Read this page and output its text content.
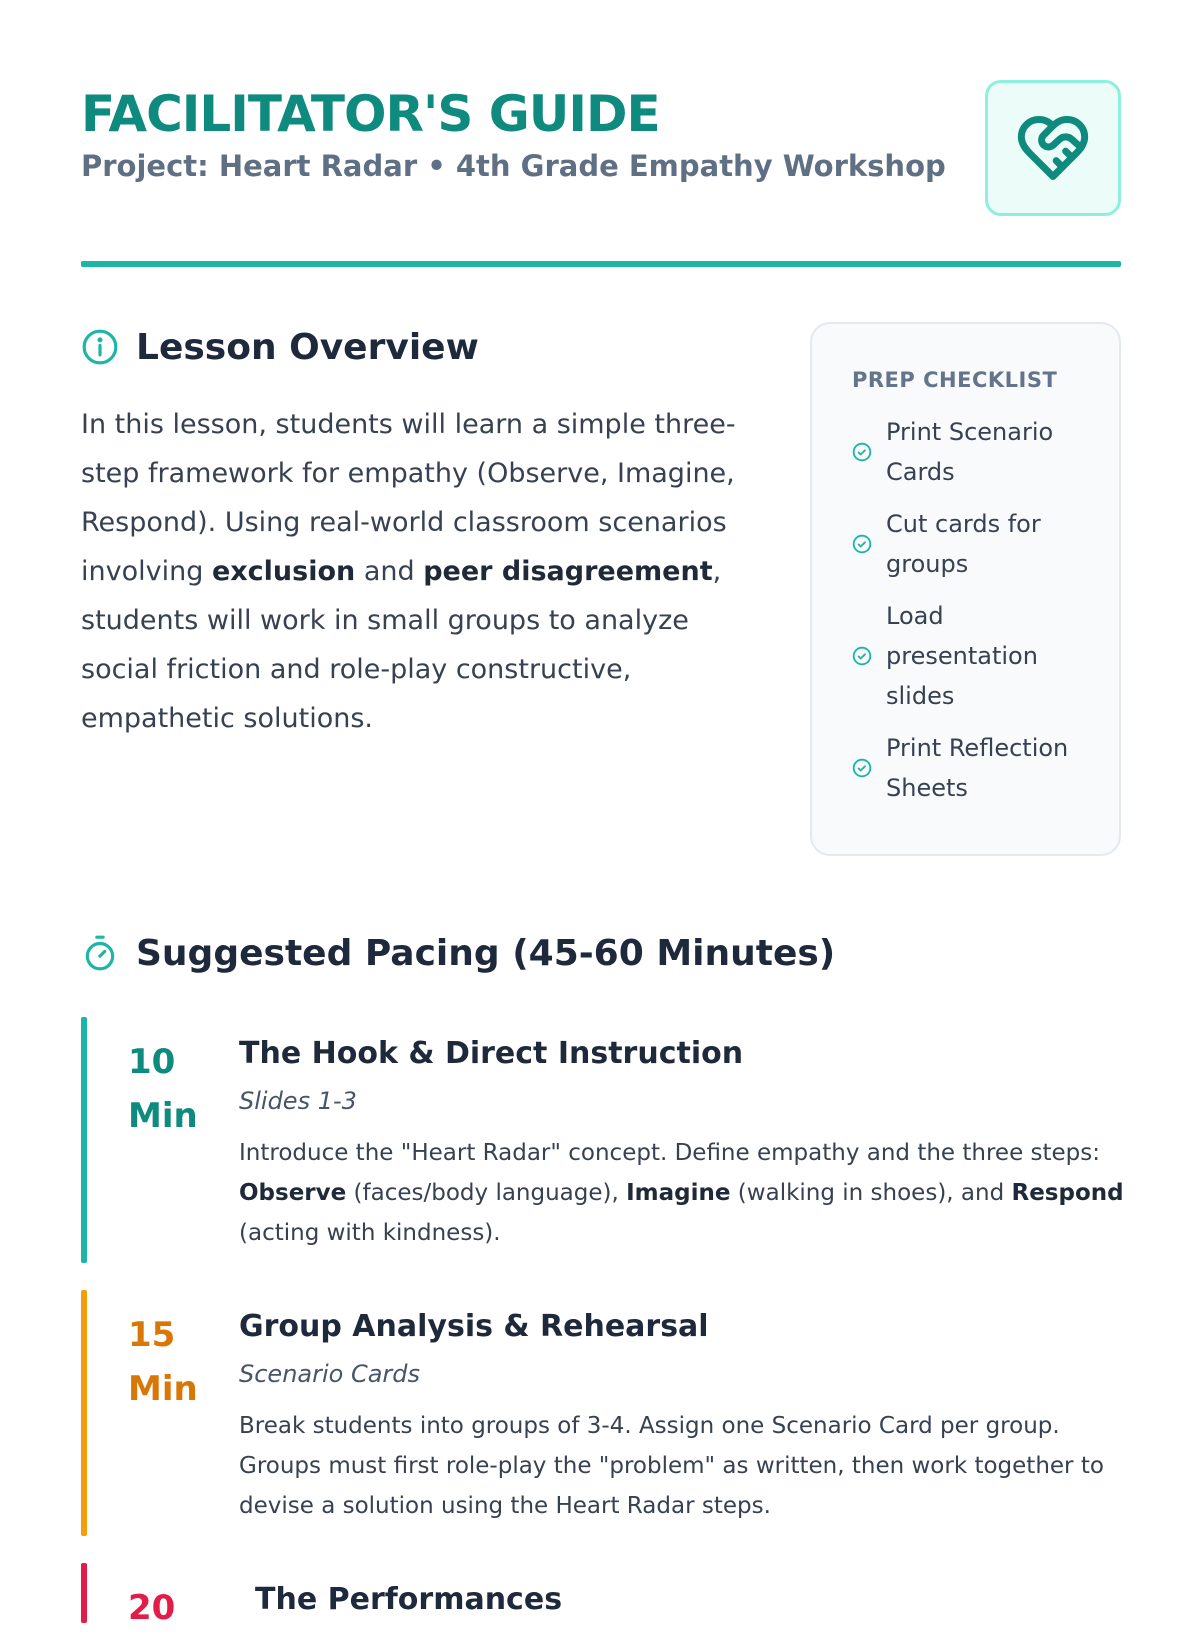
FACILITATOR'S GUIDE

Project: Heart Radar • 4th Grade Empathy Workshop

Lesson Overview

In this lesson, students will learn a simple three-step framework for empathy (Observe, Imagine, Respond). Using real-world classroom scenarios involving exclusion and peer disagreement, students will work in small groups to analyze social friction and role-play constructive, empathetic solutions.

PREP CHECKLIST
Print Scenario Cards
Cut cards for groups
Load presentation slides
Print Reflection Sheets
Suggested Pacing (45-60 Minutes)

10
Min

The Hook & Direct Instruction

Slides 1-3

Introduce the "Heart Radar" concept. Define empathy and the three steps: Observe (faces/body language), Imagine (walking in shoes), and Respond (acting with kindness).

15
Min

Group Analysis & Rehearsal

Scenario Cards

Break students into groups of 3-4. Assign one Scenario Card per group. Groups must first role-play the "problem" as written, then work together to devise a solution using the Heart Radar steps.

20	The Performances
